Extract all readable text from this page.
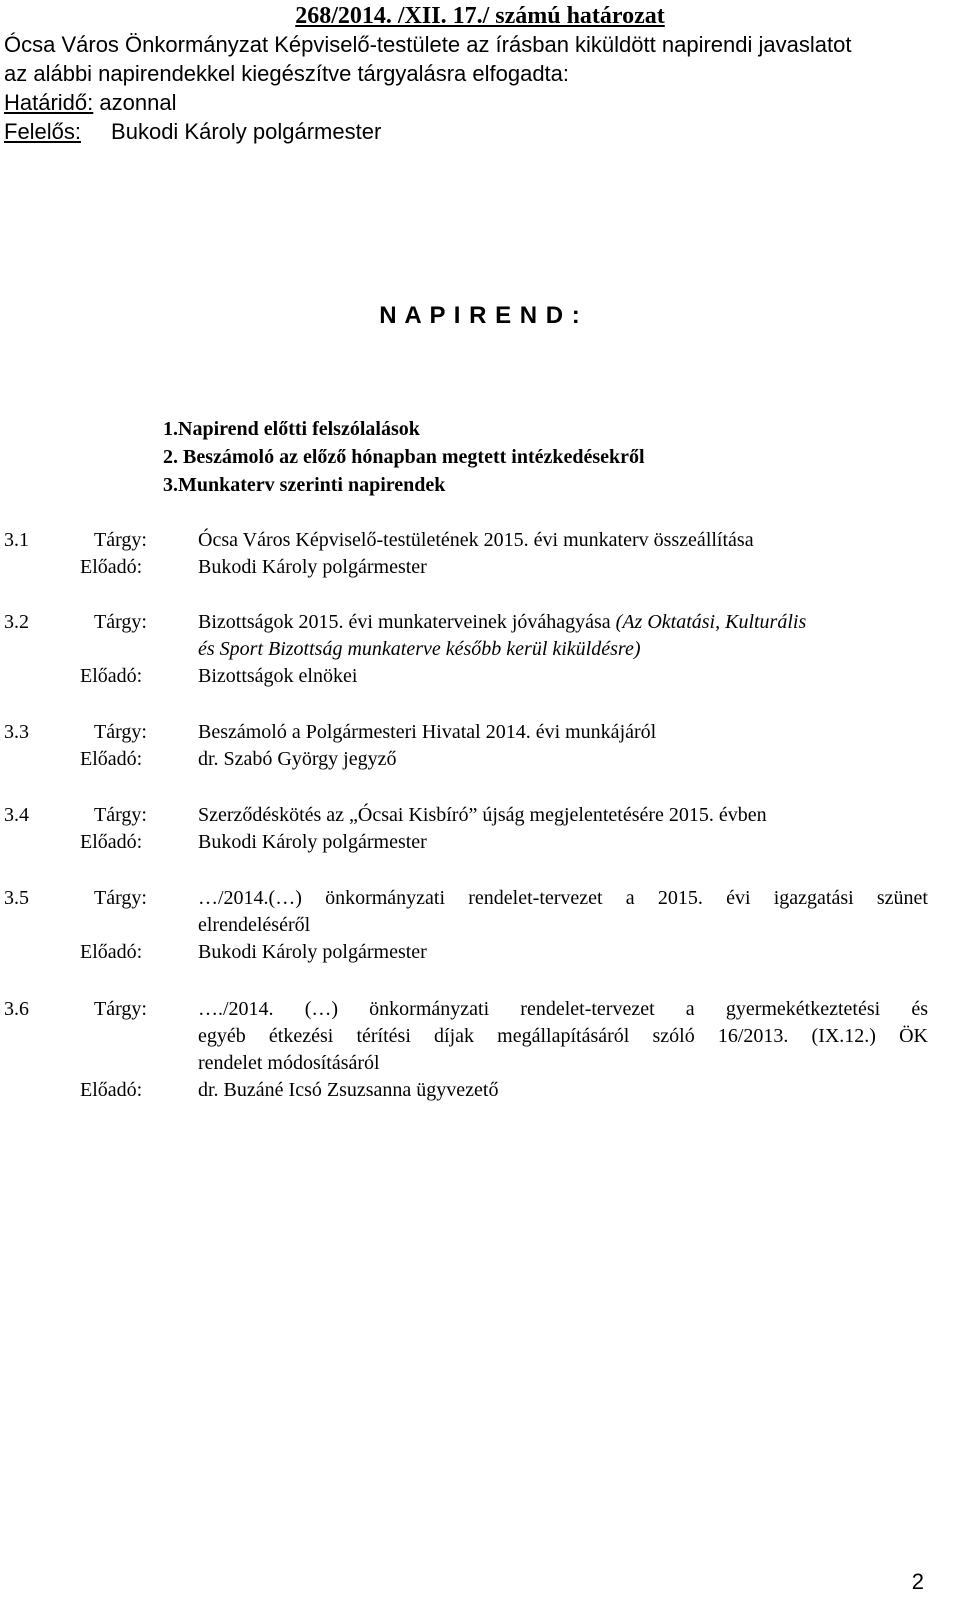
268/2014. /XII. 17./ számú határozat

Ócsa Város Önkormányzat Képviselő-testülete az írásban kiküldött napirendi javaslatot

az alábbi napirendekkel kiegészítve tárgyalásra elfogadta:

Határidő: azonnal

Felelős: Bukodi Károly polgármester

N A P I R E N D :
1.Napirend előtti felszólalások
2. Beszámoló az előző hónapban megtett intézkedésekről
3.Munkaterv szerinti napirendek
3.1	Tárgy:	Ócsa Város Képviselő-testületének 2015. évi munkaterv összeállítása
Előadó:	Bukodi Károly polgármester
3.2	Tárgy:	Bizottságok 2015. évi munkaterveinek jóváhagyása (Az Oktatási, Kulturális
és Sport Bizottság munkaterve később kerül kiküldésre)
Előadó:	Bizottságok elnökei
3.3	Tárgy:	Beszámoló a Polgármesteri Hivatal 2014. évi munkájáról
Előadó:	dr. Szabó György jegyző
3.4	Tárgy:	Szerződéskötés az „Ócsai Kisbíró” újság megjelentetésére 2015. évben
Előadó:	Bukodi Károly polgármester
3.5	Tárgy:	…/2014.(…) önkormányzati rendelet-tervezet a 2015. évi igazgatási szünet
elrendeléséről
Előadó:	Bukodi Károly polgármester
3.6	Tárgy:	…./2014. (…) önkormányzati rendelet-tervezet a gyermekétkeztetési és
egyéb étkezési térítési díjak megállapításáról szóló 16/2013. (IX.12.) ÖK
rendelet módosításáról
Előadó:	dr. Buzáné Icsó Zsuzsanna ügyvezető
2
